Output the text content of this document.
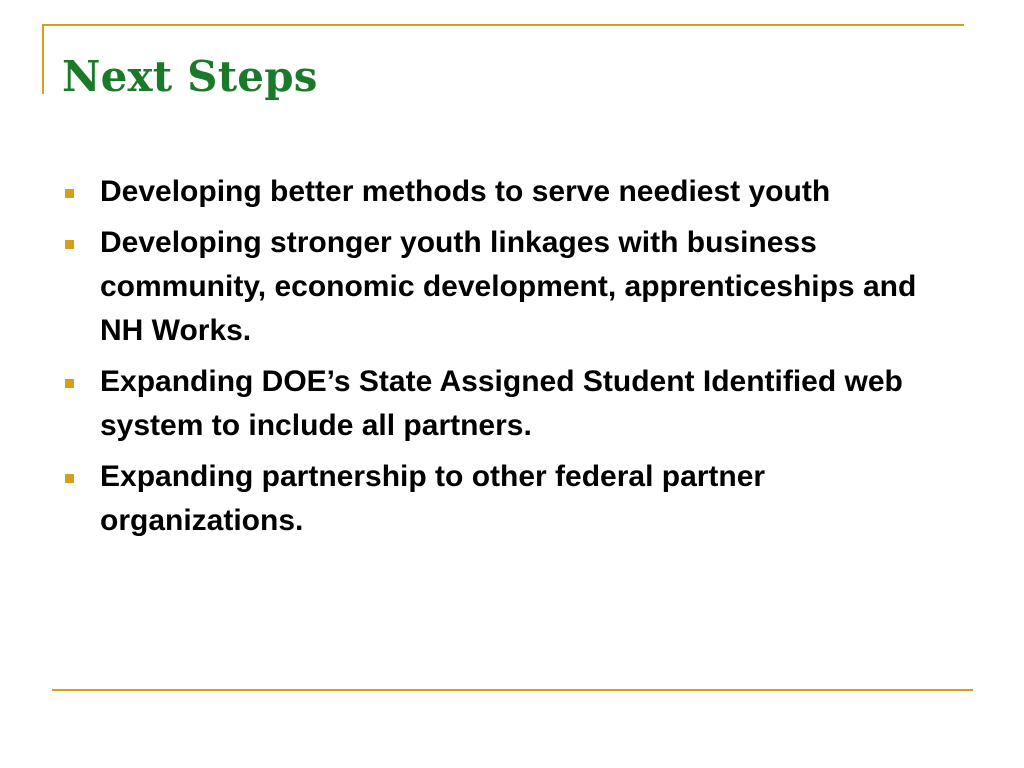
Next Steps
Developing better methods to serve neediest youth
Developing stronger youth linkages with business community, economic development, apprenticeships and NH Works.
Expanding DOE’s State Assigned Student Identified web system to include all partners.
Expanding partnership to other federal partner organizations.
